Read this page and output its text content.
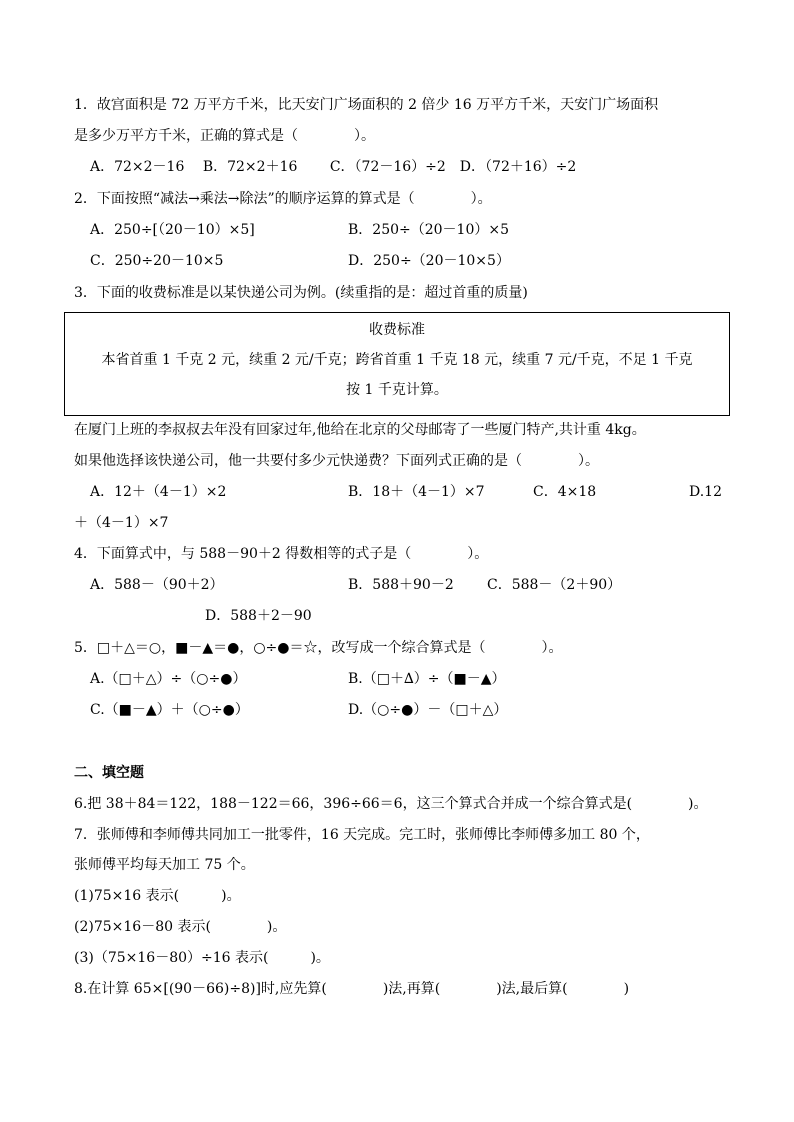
1．故宫面积是 72 万平方千米，比天安门广场面积的 2 倍少 16 万平方千米，天安门广场面积
是多少万平方千米，正确的算式是（　　　　）。
A．72×2－16　 B．72×2＋16　　 C．（72－16）÷2　D．（72＋16）÷2
2．下面按照“减法→乘法→除法”的顺序运算的算式是（　　　　）。
A．250÷[（20－10）×5]	B．250÷（20－10）×5
C．250÷20－10×5	D．250÷（20－10×5）
3．下面的收费标准是以某快递公司为例。(续重指的是：超过首重的质量)
收费标准
本省首重 1 千克 2 元，续重 2 元/千克；跨省首重 1 千克 18 元，续重 7 元/千克，不足 1 千克
按 1 千克计算。
在厦门上班的李叔叔去年没有回家过年,他给在北京的父母邮寄了一些厦门特产,共计重 4kg。
如果他选择该快递公司，他一共要付多少元快递费？下面列式正确的是（　　　　）。
A．12＋（4－1）×2	B．18＋（4－1）×7	C．4×18	D.12
＋（4－1）×7
4．下面算式中，与 588－90＋2 得数相等的式子是（　　　　）。
A．588－（90＋2）	B．588＋90－2 C．588－（2＋90）
D．588＋2－90
5．□＋△＝○，■－▲＝●，○÷●＝☆，改写成一个综合算式是（　　　　）。
A.（□＋△）÷（○÷●）	B.（□＋∆）÷（■－▲）
C.（■－▲）＋（○÷●）	D.（○÷●）－（□＋△）
二、填空题
6.把 38＋84＝122，188－122＝66，396÷66＝6，这三个算式合并成一个综合算式是(　　　　)。
7．张师傅和李师傅共同加工一批零件，16 天完成。完工时，张师傅比李师傅多加工 80 个，
张师傅平均每天加工 75 个。
(1)75×16 表示(　　　)。
(2)75×16－80 表示(　　　　)。
(3)（75×16－80）÷16 表示(　　　)。
8.在计算 65×[(90－66)÷8)]时,应先算(　　　　)法,再算(　　　　)法,最后算(　　　　)
